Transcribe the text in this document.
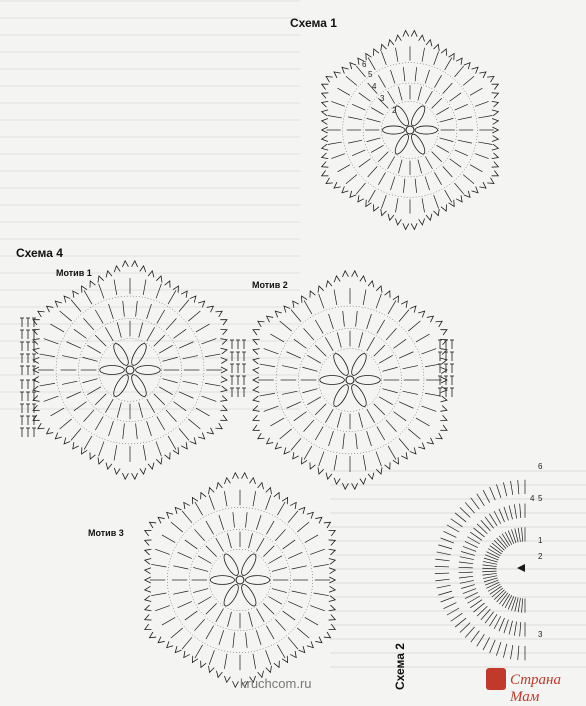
Схема 1
Схема 4
Мотив 1
Мотив 2
Мотив 3
Схема 2
6
5
4
3
2
6
5
4
1
2
3
kruchcom.ru	Страна Мам
